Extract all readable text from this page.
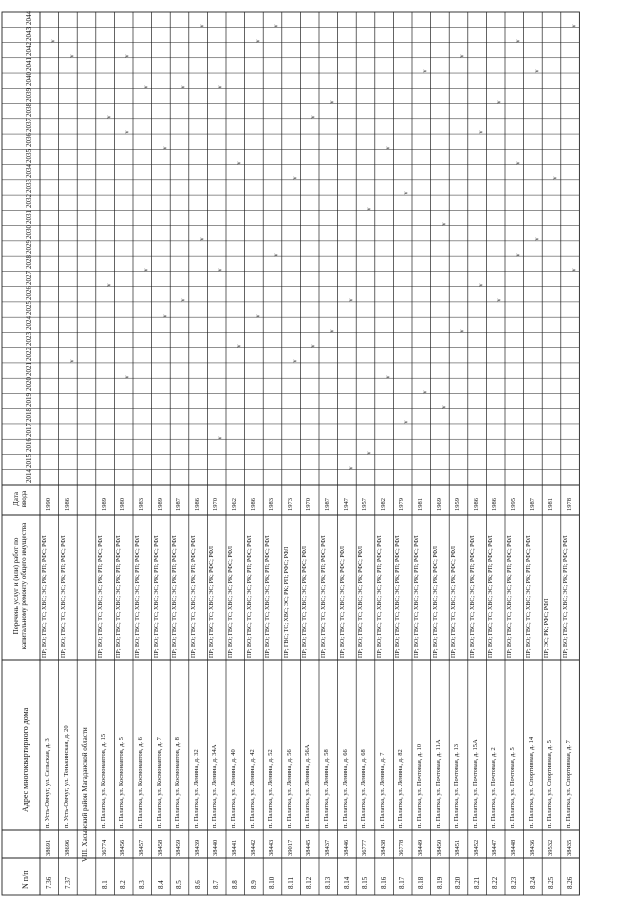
N п/п
Адрес многоквартирного дома
Перечень услуг и (или) работ по капитальному ремонту общего имущества
Дата ввода
2014
2015
2016
2017
2018
2019
2020
2021
2022
2023
2024
2025
2026
2027
2028
2029
2030
2031
2032
2033
2034
2035
2036
2037
2038
2039
2040
2041
2042
2043
2044
7.36
38691
п. Усть-Омчуг, ул. Сельская, д. 3
ПР; ВО; ГВС; ТС; ХВС; ЭС; РК; РП; РФС; РФЛ
1990
v
7.37
38696
п. Усть-Омчуг, ул. Тенькинская, д. 20
ПР; ВО; ГВС; ТС; ХВС; ЭС; РК; РП; РФС; РФЛ
1986
v
v
VIII. Хасынский район Магаданской области
8.1
36774
п. Палатка, ул. Космонавтов, д. 15
ПР; ВО; ГВС; ТС; ХВС; ЭС; РК; РП; РФС; РФЛ
1989
v
v
8.2
38456
п. Палатка, ул. Космонавтов, д. 5
ПР; ВО; ГВС; ТС; ХВС; ЭС; РК; РП; РФС; РФЛ
1980
v
v
v
8.3
38457
п. Палатка, ул. Космонавтов, д. 6
ПР; ВО; ГВС; ТС; ХВС; ЭС; РК; РП; РФС; РФЛ
1983
v
v
8.4
38458
п. Палатка, ул. Космонавтов, д. 7
ПР; ВО; ГВС; ТС; ХВС; ЭС; РК; РП; РФС; РФЛ
1989
v
v
8.5
38459
п. Палатка, ул. Космонавтов, д. 8
ПР; ВО; ГВС; ТС; ХВС; ЭС; РК; РП; РФС; РФЛ
1987
v
v
8.6
38439
п. Палатка, ул. Ленина, д. 32
ПР; ВО; ГВС; ТС; ХВС; ЭС; РК; РП; РФС; РФЛ
1986
v
v
8.7
38440
п. Палатка, ул. Ленина, д. 34А
ПР; ВО; ГВС; ТС; ХВС; ЭС; РК; РФС; РФЛ
1970
v
v
v
8.8
38441
п. Палатка, ул. Ленина, д. 40
ПР; ВО; ГВС; ТС; ХВС; ЭС; РК; РФС; РФЛ
1962
v
v
8.9
38442
п. Палатка, ул. Ленина, д. 42
ПР; ВО; ГВС; ТС; ХВС; ЭС; РК; РП; РФС; РФЛ
1986
v
v
8.10
38443
п. Палатка, ул. Ленина, д. 52
ПР; ВО; ГВС; ТС; ХВС; ЭС; РК; РП; РФС; РФЛ
1983
v
v
8.11
39017
п. Палатка, ул. Ленина, д. 56
ПР; ГВС; ТС; ХВС; ЭС; РК; РП; РФС; РФЛ
1973
v
v
8.12
38445
п. Палатка, ул. Ленина, д. 56А
ПР; ВО; ГВС; ТС; ХВС; ЭС; РК; РФС; РФЛ
1970
v
v
8.13
38437
п. Палатка, ул. Ленина, д. 58
ПР; ВО; ГВС; ТС; ХВС; ЭС; РК; РП; РФС; РФЛ
1987
v
v
8.14
38446
п. Палатка, ул. Ленина, д. 66
ПР; ВО; ГВС; ТС; ХВС; ЭС; РК; РФС; РФЛ
1947
v
v
8.15
36777
п. Палатка, ул. Ленина, д. 68
ПР; ВО; ГВС; ТС; ХВС; ЭС; РК; РФС; РФЛ
1957
v
v
8.16
38438
п. Палатка, ул. Ленина, д. 7
ПР; ВО; ГВС; ТС; ХВС; ЭС; РК; РП; РФС; РФЛ
1982
v
v
8.17
36778
п. Палатка, ул. Ленина, д. 82
ПР; ВО; ГВС; ТС; ХВС; ЭС; РК; РП; РФС; РФЛ
1979
v
v
8.18
38449
п. Палатка, ул. Почтовая, д. 10
ПР; ВО; ГВС; ТС; ХВС; ЭС; РК; РП; РФС; РФЛ
1981
v
v
8.19
38450
п. Палатка, ул. Почтовая, д. 11А
ПР; ВО; ГВС; ТС; ХВС; ЭС; РК; РФС; РФЛ
1969
v
v
8.20
38451
п. Палатка, ул. Почтовая, д. 13
ПР; ВО; ГВС; ТС; ХВС; ЭС; РК; РФС; РФЛ
1959
v
v
8.21
38452
п. Палатка, ул. Почтовая, д. 15А
ПР; ВО; ГВС; ТС; ХВС; ЭС; РК; РП; РФС; РФЛ
1986
v
v
8.22
38447
п. Палатка, ул. Почтовая, д. 2
ПР; ВО; ГВС; ТС; ХВС; ЭС; РК; РП; РФС; РФЛ
1986
v
v
8.23
38448
п. Палатка, ул. Почтовая, д. 5
ПР; ВО; ГВС; ТС; ХВС; ЭС; РК; РП; РФС; РФЛ
1995
v
v
v
8.24
38436
п. Палатка, ул. Спортивная, д. 14
ПР; ВО; ГВС; ТС; ХВС; ЭС; РК; РП; РФС; РФЛ
1987
v
v
8.25
39532
п. Палатка, ул. Спортивная, д. 5
ПР; ЭС; РК; РФС; РФЛ
1981
v
8.26
38435
п. Палатка, ул. Спортивная, д. 7
ПР; ВО; ГВС; ТС; ХВС; ЭС; РК; РП; РФС; РФЛ
1978
v
v
